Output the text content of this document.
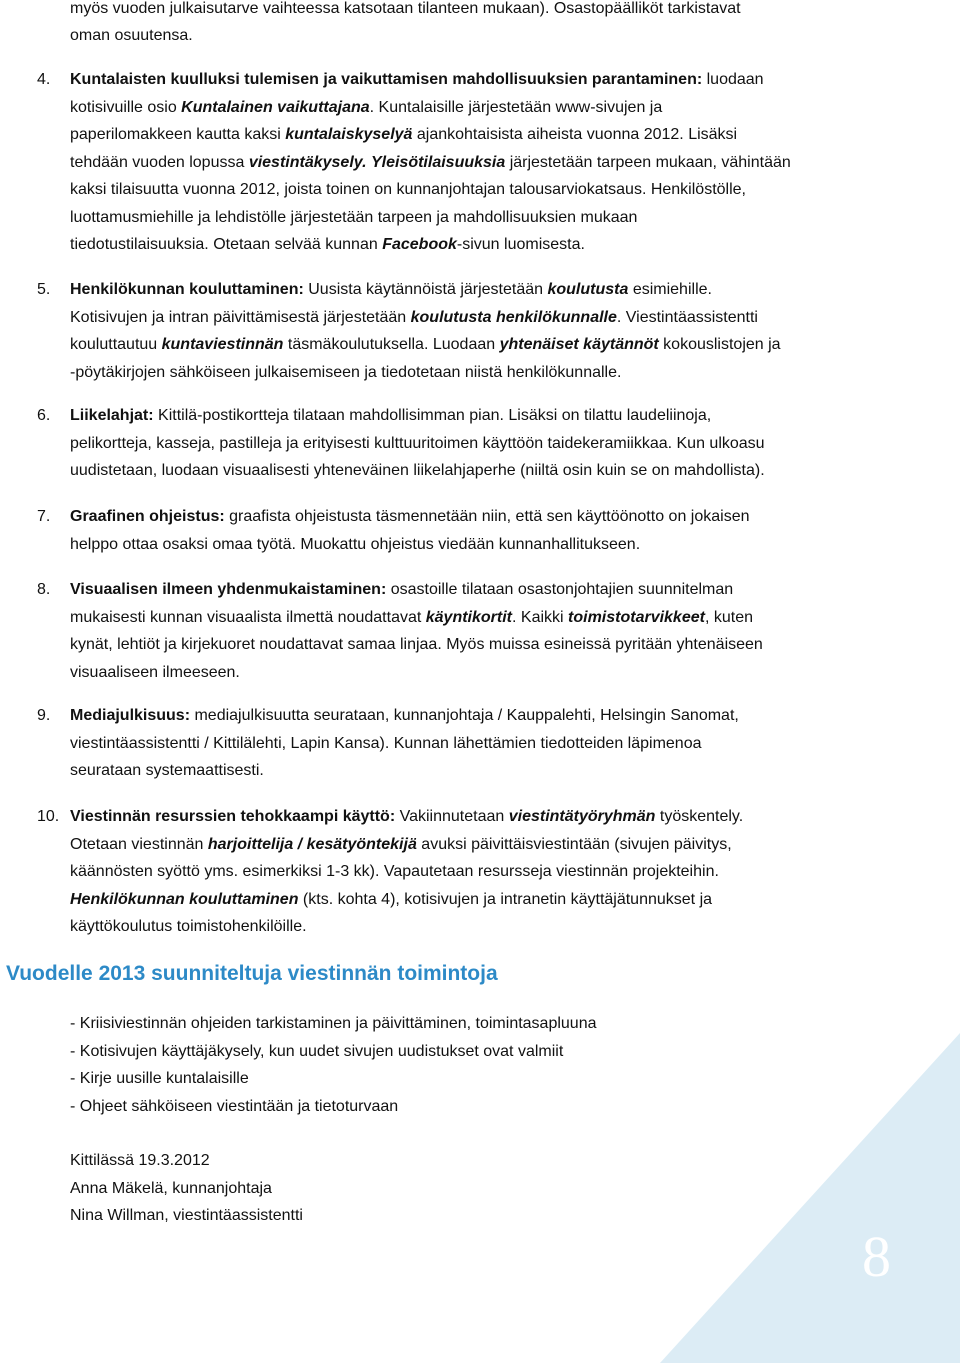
8
myös vuoden julkaisutarve vaihteessa katsotaan tilanteen mukaan). Osastopäälliköt tarkistavat
oman osuutensa.
4. Kuntalaisten kuulluksi tulemisen ja vaikuttamisen mahdollisuuksien parantaminen: luodaan
kotisivuille osio Kuntalainen vaikuttajana. Kuntalaisille järjestetään www-sivujen ja
paperilomakkeen kautta kaksi kuntalaiskyselyä ajankohtaisista aiheista vuonna 2012. Lisäksi
tehdään vuoden lopussa viestintäkysely. Yleisötilaisuuksia järjestetään tarpeen mukaan, vähintään
kaksi tilaisuutta vuonna 2012, joista toinen on kunnanjohtajan talousarviokatsaus. Henkilöstölle,
luottamusmiehille ja lehdistölle järjestetään tarpeen ja mahdollisuuksien mukaan
tiedotustilaisuuksia. Otetaan selvää kunnan Facebook-sivun luomisesta.
5. Henkilökunnan kouluttaminen: Uusista käytännöistä järjestetään koulutusta esimiehille.
Kotisivujen ja intran päivittämisestä järjestetään koulutusta henkilökunnalle. Viestintäassistentti
kouluttautuu kuntaviestinnän täsmäkoulutuksella. Luodaan yhtenäiset käytännöt kokouslistojen ja
-pöytäkirjojen sähköiseen julkaisemiseen ja tiedotetaan niistä henkilökunnalle.
6. Liikelahjat: Kittilä-postikortteja tilataan mahdollisimman pian. Lisäksi on tilattu laudeliinoja,
pelikortteja, kasseja, pastilleja ja erityisesti kulttuuritoimen käyttöön taidekeramiikkaa. Kun ulkoasu
uudistetaan, luodaan visuaalisesti yhteneväinen liikelahjaperhe (niiltä osin kuin se on mahdollista).
7. Graafinen ohjeistus: graafista ohjeistusta täsmennetään niin, että sen käyttöönotto on jokaisen
helppo ottaa osaksi omaa työtä. Muokattu ohjeistus viedään kunnanhallitukseen.
8. Visuaalisen ilmeen yhdenmukaistaminen: osastoille tilataan osastonjohtajien suunnitelman
mukaisesti kunnan visuaalista ilmettä noudattavat käyntikortit. Kaikki toimistotarvikkeet, kuten
kynät, lehtiöt ja kirjekuoret noudattavat samaa linjaa. Myös muissa esineissä pyritään yhtenäiseen
visuaaliseen ilmeeseen.
9. Mediajulkisuus: mediajulkisuutta seurataan, kunnanjohtaja / Kauppalehti, Helsingin Sanomat,
viestintäassistentti / Kittilälehti, Lapin Kansa). Kunnan lähettämien tiedotteiden läpimenoa
seurataan systemaattisesti.
10. Viestinnän resurssien tehokkaampi käyttö: Vakiinnutetaan viestintätyöryhmän työskentely.
Otetaan viestinnän harjoittelija / kesätyöntekijä avuksi päivittäisviestintään (sivujen päivitys,
käännösten syöttö yms. esimerkiksi 1-3 kk). Vapautetaan resursseja viestinnän projekteihin.
Henkilökunnan kouluttaminen (kts. kohta 4), kotisivujen ja intranetin käyttäjätunnukset ja
käyttökoulutus toimistohenkilöille.
- Kriisiviestinnän ohjeiden tarkistaminen ja päivittäminen, toimintasapluuna
- Kotisivujen käyttäjäkysely, kun uudet sivujen uudistukset ovat valmiit
- Kirje uusille kuntalaisille
- Ohjeet sähköiseen viestintään ja tietoturvaan
Kittilässä 19.3.2012
Anna Mäkelä, kunnanjohtaja
Nina Willman, viestintäassistentti
Vuodelle 2013 suunniteltuja viestinnän toimintoja
